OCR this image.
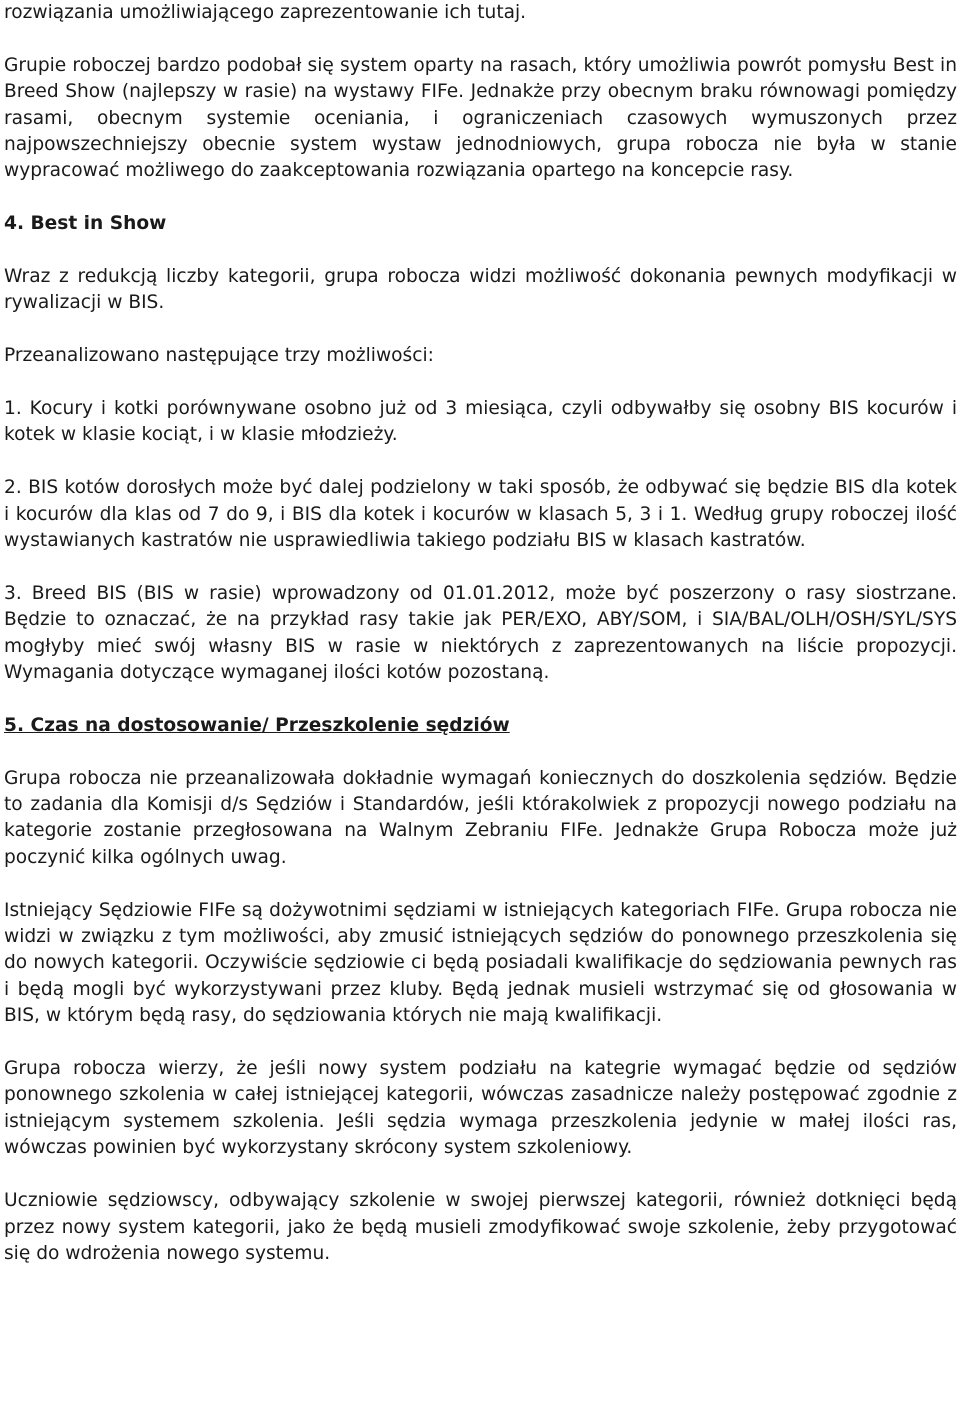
rozwiązania umożliwiającego zaprezentowanie ich tutaj.

Grupie roboczej bardzo podobał się system oparty na rasach, który umożliwia powrót pomysłu Best in Breed Show (najlepszy w rasie) na wystawy FIFe. Jednakże przy obecnym braku równowagi pomiędzy rasami, obecnym systemie oceniania, i ograniczeniach czasowych wymuszonych przez najpowszechniejszy obecnie system wystaw jednodniowych, grupa robocza nie była w stanie wypracować możliwego do zaakceptowania rozwiązania opartego na koncepcie rasy.

4. Best in Show

Wraz z redukcją liczby kategorii, grupa robocza widzi możliwość dokonania pewnych modyfikacji w rywalizacji w BIS.

Przeanalizowano następujące trzy możliwości:

1. Kocury i kotki porównywane osobno już od 3 miesiąca, czyli odbywałby się osobny BIS kocurów i kotek w klasie kociąt, i w klasie młodzieży.

2. BIS kotów dorosłych może być dalej podzielony w taki sposób, że odbywać się będzie BIS dla kotek i kocurów dla klas od 7 do 9, i BIS dla kotek i kocurów w klasach 5, 3 i 1. Według grupy roboczej ilość wystawianych kastratów nie usprawiedliwia takiego podziału BIS w klasach kastratów.

3. Breed BIS (BIS w rasie) wprowadzony od 01.01.2012, może być poszerzony o rasy siostrzane. Będzie to oznaczać, że na przykład rasy takie jak PER/EXO, ABY/SOM, i SIA/BAL/OLH/OSH/SYL/SYS mogłyby mieć swój własny BIS w rasie w niektórych z zaprezentowanych na liście propozycji. Wymagania dotyczące wymaganej ilości kotów pozostaną.

5. Czas na dostosowanie/ Przeszkolenie sędziów

Grupa robocza nie przeanalizowała dokładnie wymagań koniecznych do doszkolenia sędziów. Będzie to zadania dla Komisji d/s Sędziów i Standardów, jeśli którakolwiek z propozycji nowego podziału na kategorie zostanie przegłosowana na Walnym Zebraniu FIFe. Jednakże Grupa Robocza może już poczynić kilka ogólnych uwag.

Istniejący Sędziowie FIFe są dożywotnimi sędziami w istniejących kategoriach FIFe. Grupa robocza nie widzi w związku z tym możliwości, aby zmusić istniejących sędziów do ponownego przeszkolenia się do nowych kategorii. Oczywiście sędziowie ci będą posiadali kwalifikacje do sędziowania pewnych ras i będą mogli być wykorzystywani przez kluby. Będą jednak musieli wstrzymać się od głosowania w BIS, w którym będą rasy, do sędziowania których nie mają kwalifikacji.

Grupa robocza wierzy, że jeśli nowy system podziału na kategrie wymagać będzie od sędziów ponownego szkolenia w całej istniejącej kategorii, wówczas zasadnicze należy postępować zgodnie z istniejącym systemem szkolenia. Jeśli sędzia wymaga przeszkolenia jedynie w małej ilości ras, wówczas powinien być wykorzystany skrócony system szkoleniowy.

Uczniowie sędziowscy, odbywający szkolenie w swojej pierwszej kategorii, również dotknięci będą przez nowy system kategorii, jako że będą musieli zmodyfikować swoje szkolenie, żeby przygotować się do wdrożenia nowego systemu.
